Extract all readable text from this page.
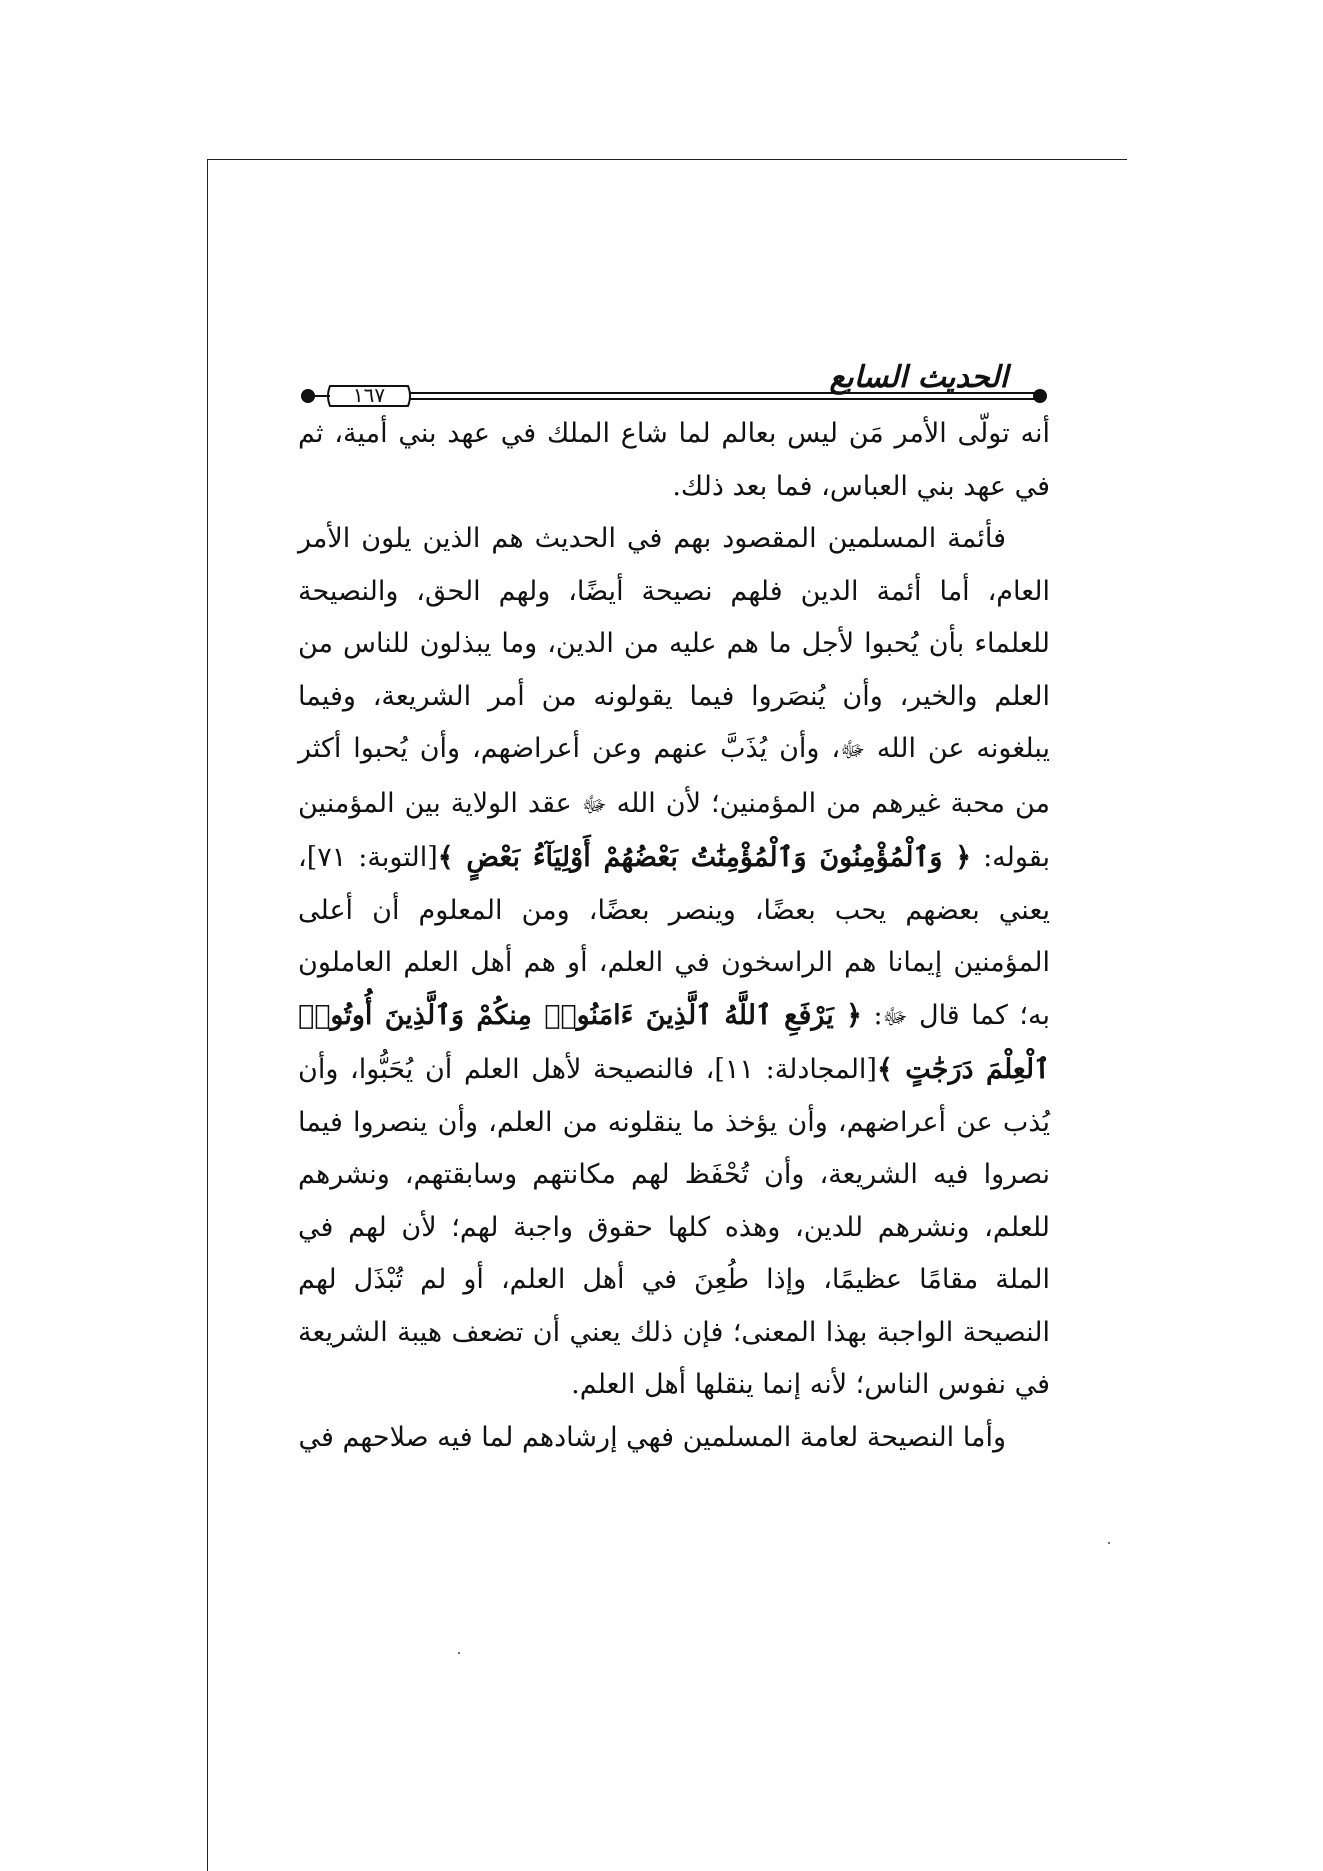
الحديث السابع
١٦٧

أنه تولّى الأمر مَن ليس بعالم لما شاع الملك في عهد بني أمية، ثم في عهد بني العباس، فما بعد ذلك.

فأئمة المسلمين المقصود بهم في الحديث هم الذين يلون الأمر العام، أما أئمة الدين فلهم نصيحة أيضًا، ولهم الحق، والنصيحة للعلماء بأن يُحبوا لأجل ما هم عليه من الدين، وما يبذلون للناس من العلم والخير، وأن يُنصَروا فيما يقولونه من أمر الشريعة، وفيما يبلغونه عن الله ﷻ، وأن يُذَبَّ عنهم وعن أعراضهم، وأن يُحبوا أكثر من محبة غيرهم من المؤمنين؛ لأن الله ﷻ عقد الولاية بين المؤمنين بقوله: ﴿ وَٱلْمُؤْمِنُونَ وَٱلْمُؤْمِنَٰتُ بَعْضُهُمْ أَوْلِيَآءُ بَعْضٍ ﴾[التوبة: ٧١]، يعني بعضهم يحب بعضًا، وينصر بعضًا، ومن المعلوم أن أعلى المؤمنين إيمانا هم الراسخون في العلم، أو هم أهل العلم العاملون به؛ كما قال ﷻ: ﴿ يَرْفَعِ ٱللَّهُ ٱلَّذِينَ ءَامَنُوا۟ مِنكُمْ وَٱلَّذِينَ أُوتُوا۟ ٱلْعِلْمَ دَرَجَٰتٍ ﴾[المجادلة: ١١]، فالنصيحة لأهل العلم أن يُحَبُّوا، وأن يُذب عن أعراضهم، وأن يؤخذ ما ينقلونه من العلم، وأن ينصروا فيما نصروا فيه الشريعة، وأن تُحْفَظ لهم مكانتهم وسابقتهم، ونشرهم للعلم، ونشرهم للدين، وهذه كلها حقوق واجبة لهم؛ لأن لهم في الملة مقامًا عظيمًا، وإذا طُعِنَ في أهل العلم، أو لم تُبْذَل لهم النصيحة الواجبة بهذا المعنى؛ فإن ذلك يعني أن تضعف هيبة الشريعة في نفوس الناس؛ لأنه إنما ينقلها أهل العلم.

وأما النصيحة لعامة المسلمين فهي إرشادهم لما فيه صلاحهم في
